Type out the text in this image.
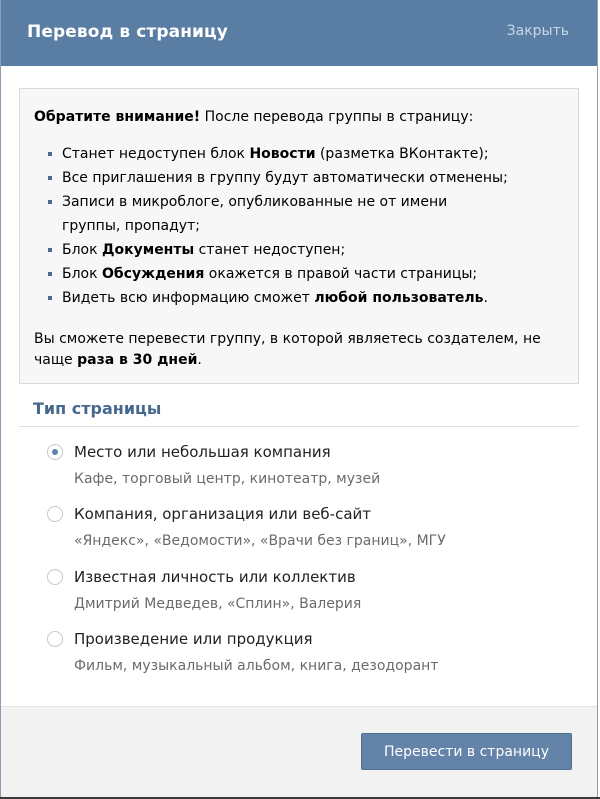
Перевод в страницу	Закрыть
Обратите внимание! После перевода группы в страницу:
Станет недоступен блок Новости (разметка ВКонтакте);
Все приглашения в группу будут автоматически отменены;
Записи в микроблоге, опубликованные не от имени группы, пропадут;
Блок Документы станет недоступен;
Блок Обсуждения окажется в правой части страницы;
Видеть всю информацию сможет любой пользователь.
Вы сможете перевести группу, в которой являетесь создателем, не чаще раза в 30 дней.
Тип страницы
Место или небольшая компания
Кафе, торговый центр, кинотеатр, музей
Компания, организация или веб-сайт
«Яндекс», «Ведомости», «Врачи без границ», МГУ
Известная личность или коллектив
Дмитрий Медведев, «Сплин», Валерия
Произведение или продукция
Фильм, музыкальный альбом, книга, дезодорант
Перевести в страницу
